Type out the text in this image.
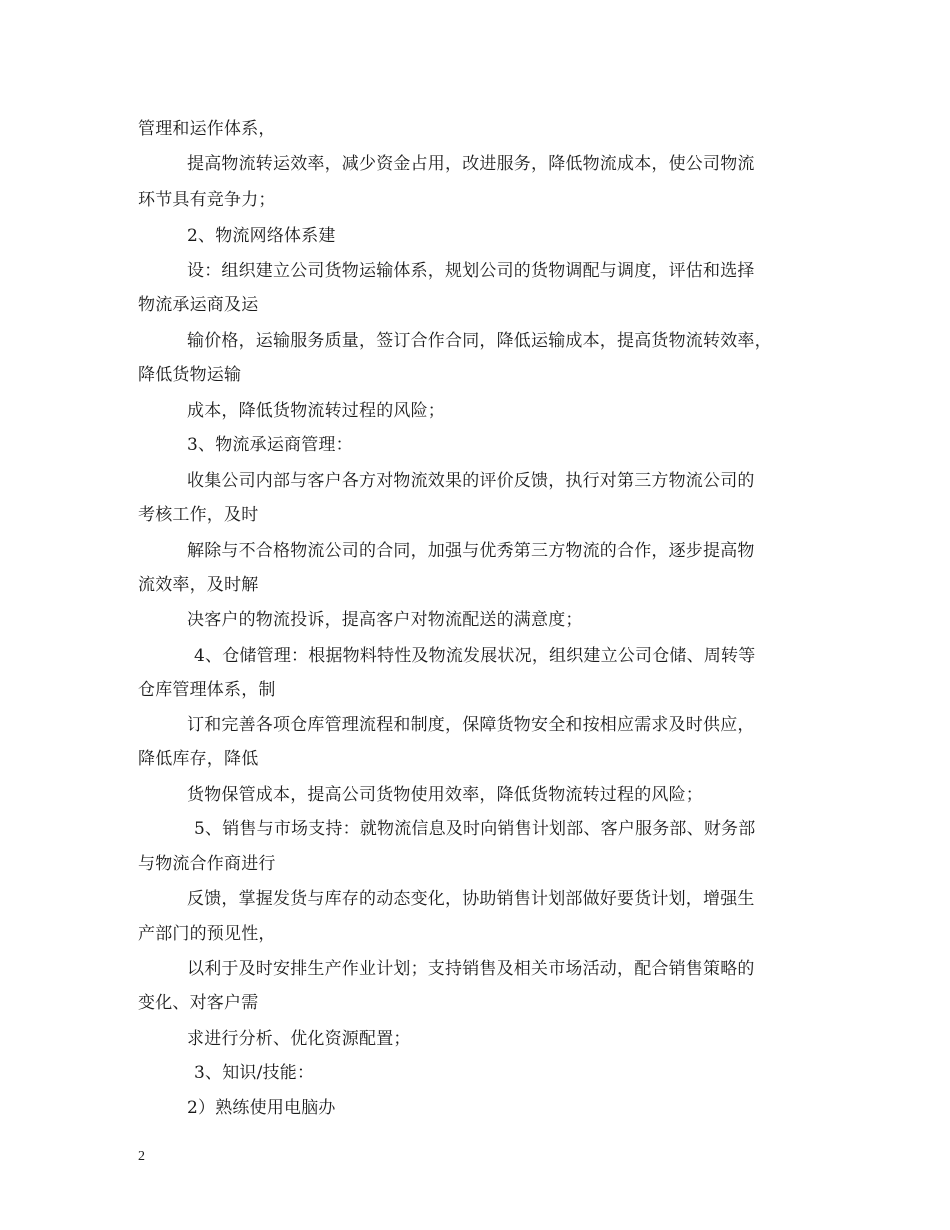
管理和运作体系，
提高物流转运效率，减少资金占用，改进服务，降低物流成本，使公司物流
环节具有竞争力；
2、物流网络体系建
设：组织建立公司货物运输体系，规划公司的货物调配与调度，评估和选择
物流承运商及运
输价格，运输服务质量，签订合作合同，降低运输成本，提高货物流转效率，
降低货物运输
成本，降低货物流转过程的风险；
3、物流承运商管理：
收集公司内部与客户各方对物流效果的评价反馈，执行对第三方物流公司的
考核工作，及时
解除与不合格物流公司的合同，加强与优秀第三方物流的合作，逐步提高物
流效率，及时解
决客户的物流投诉，提高客户对物流配送的满意度；
4、仓储管理：根据物料特性及物流发展状况，组织建立公司仓储、周转等
仓库管理体系，制
订和完善各项仓库管理流程和制度，保障货物安全和按相应需求及时供应，
降低库存，降低
货物保管成本，提高公司货物使用效率，降低货物流转过程的风险；
5、销售与市场支持：就物流信息及时向销售计划部、客户服务部、财务部
与物流合作商进行
反馈，掌握发货与库存的动态变化，协助销售计划部做好要货计划，增强生
产部门的预见性，
以利于及时安排生产作业计划；支持销售及相关市场活动，配合销售策略的
变化、对客户需
求进行分析、优化资源配置；
3、知识/技能：
2）熟练使用电脑办
2
